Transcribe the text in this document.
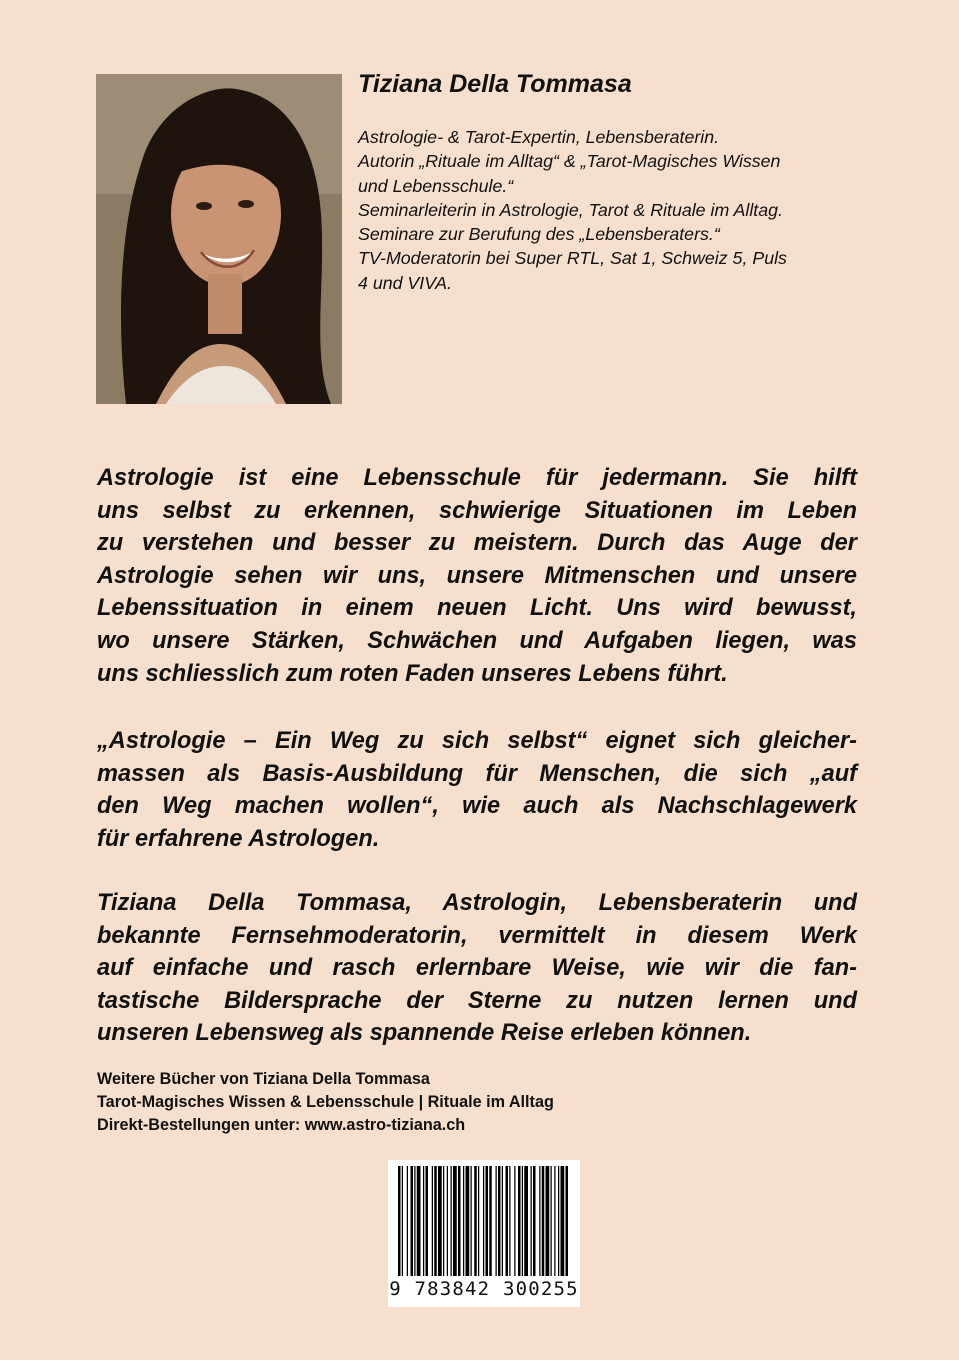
Tiziana Della Tommasa
Astrologie- & Tarot-Expertin, Lebensberaterin.
Autorin „Rituale im Alltag“ & „Tarot-Magisches Wissen
und Lebensschule.“
Seminarleiterin in Astrologie, Tarot & Rituale im Alltag.
Seminare zur Berufung des „Lebensberaters.“
TV-Moderatorin bei Super RTL, Sat 1, Schweiz 5, Puls
4 und VIVA.
Astrologie ist eine Lebensschule für jedermann. Sie hilft
uns selbst zu erkennen, schwierige Situationen im Leben
zu verstehen und besser zu meistern. Durch das Auge der
Astrologie sehen wir uns, unsere Mitmenschen und unsere
Lebenssituation in einem neuen Licht. Uns wird bewusst,
wo unsere Stärken, Schwächen und Aufgaben liegen, was
uns schliesslich zum roten Faden unseres Lebens führt.
„Astrologie – Ein Weg zu sich selbst“ eignet sich gleicher-
massen als Basis-Ausbildung für Menschen, die sich „auf
den Weg machen wollen“, wie auch als Nachschlagewerk
für erfahrene Astrologen.
Tiziana Della Tommasa, Astrologin, Lebensberaterin und
bekannte Fernsehmoderatorin, vermittelt in diesem Werk
auf einfache und rasch erlernbare Weise, wie wir die fan-
tastische Bildersprache der Sterne zu nutzen lernen und
unseren Lebensweg als spannende Reise erleben können.
Weitere Bücher von Tiziana Della Tommasa
Tarot-Magisches Wissen & Lebensschule | Rituale im Alltag
Direkt-Bestellungen unter: www.astro-tiziana.ch
9 783842 300255
